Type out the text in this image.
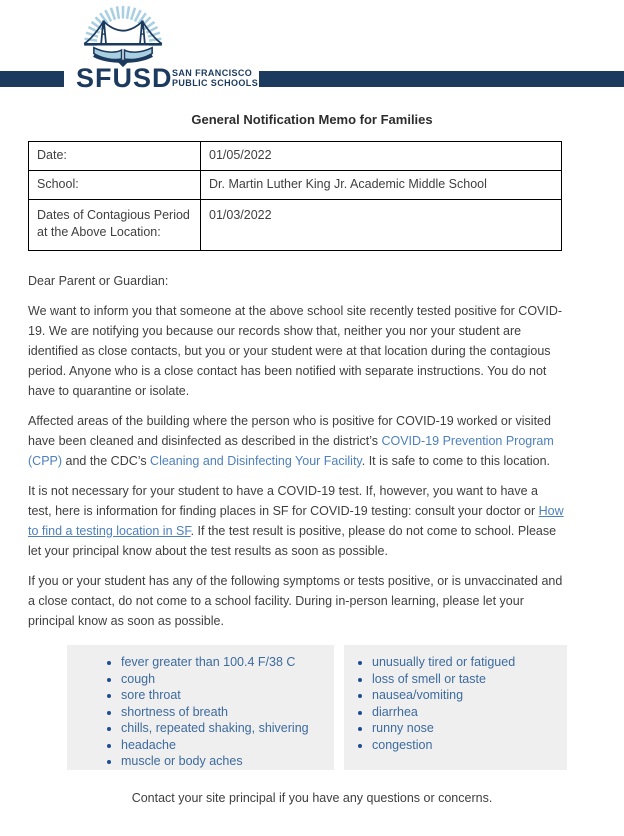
SFUSD SAN FRANCISCO
PUBLIC SCHOOLS
General Notification Memo for Families
Date:	01/05/2022
School:	Dr. Martin Luther King Jr. Academic Middle School
Dates of Contagious Period at the Above Location:	01/03/2022

Dear Parent or Guardian:

We want to inform you that someone at the above school site recently tested positive for COVID-19. We are notifying you because our records show that, neither you nor your student are identified as close contacts, but you or your student were at that location during the contagious period. Anyone who is a close contact has been notified with separate instructions. You do not have to quarantine or isolate.

Affected areas of the building where the person who is positive for COVID-19 worked or visited have been cleaned and disinfected as described in the district’s COVID-19 Prevention Program (CPP) and the CDC’s Cleaning and Disinfecting Your Facility. It is safe to come to this location.

It is not necessary for your student to have a COVID-19 test. If, however, you want to have a test, here is information for finding places in SF for COVID-19 testing: consult your doctor or How to find a testing location in SF. If the test result is positive, please do not come to school. Please let your principal know about the test results as soon as possible.

If you or your student has any of the following symptoms or tests positive, or is unvaccinated and a close contact, do not come to a school facility. During in-person learning, please let your principal know as soon as possible.

• fever greater than 100.4 F/38 C
• cough
• sore throat
• shortness of breath
• chills, repeated shaking, shivering
• headache
• muscle or body aches
• unusually tired or fatigued
• loss of smell or taste
• nausea/vomiting
• diarrhea
• runny nose
• congestion
Contact your site principal if you have any questions or concerns.
